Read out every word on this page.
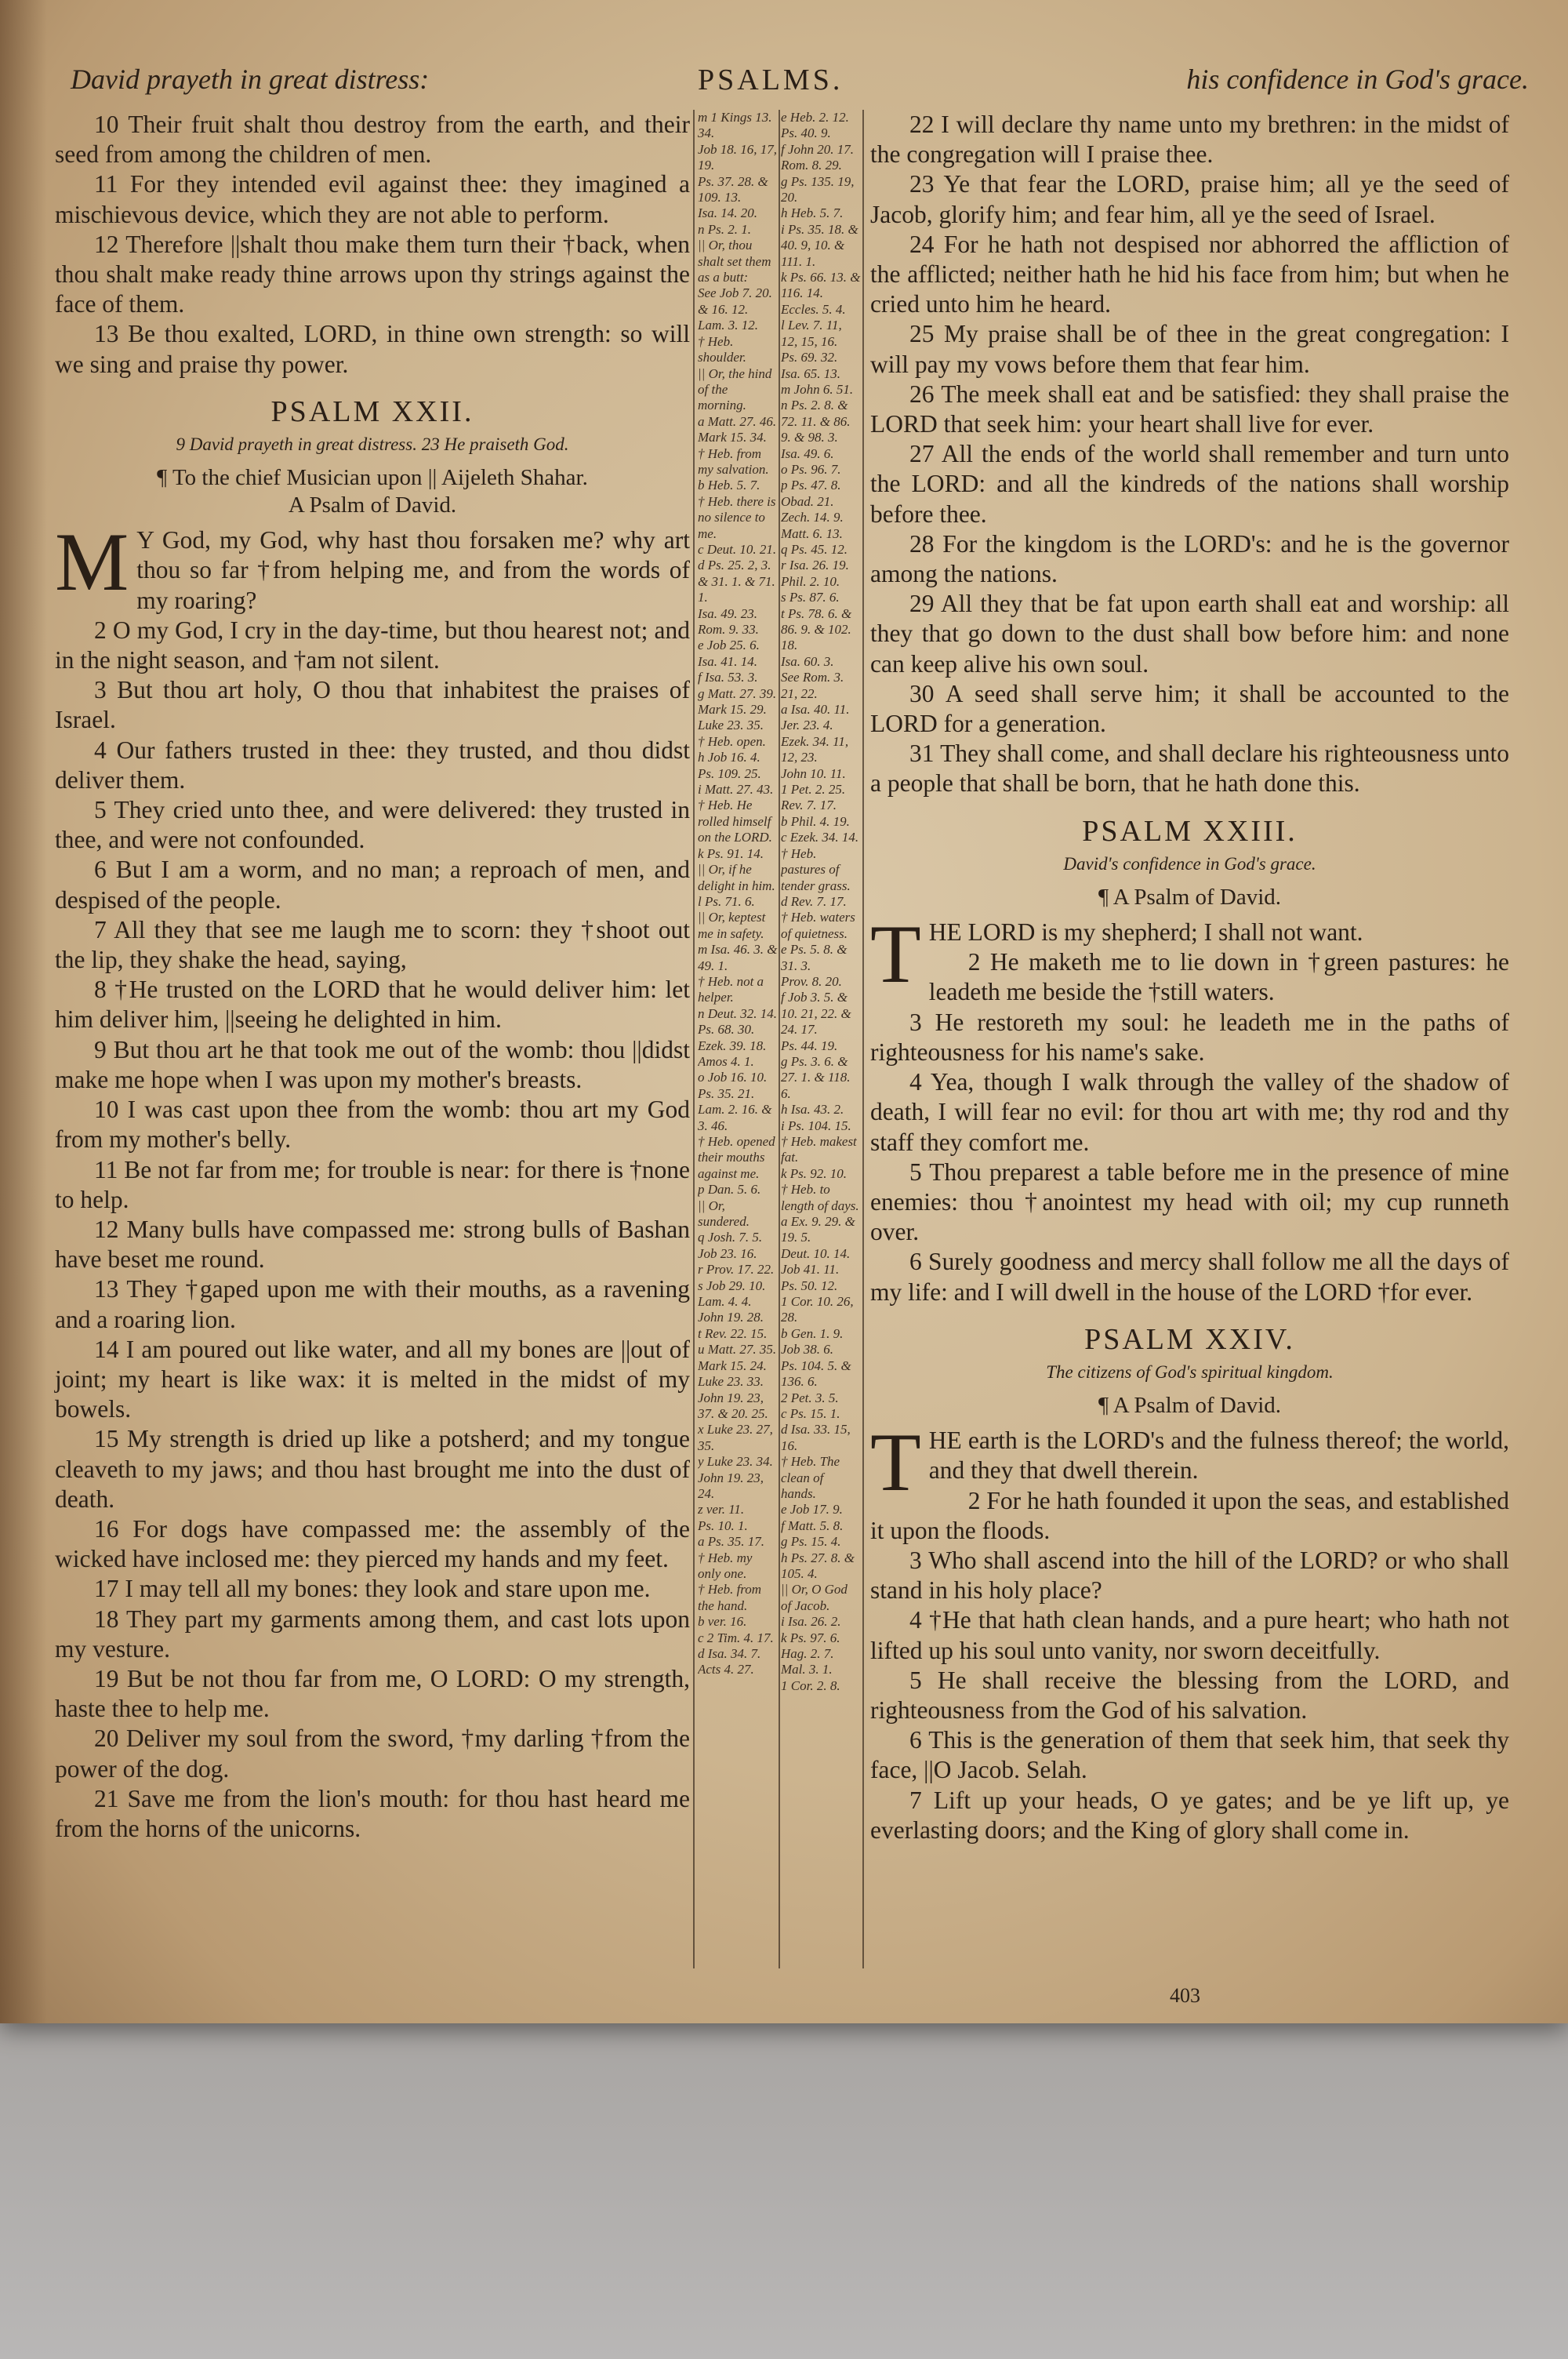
David prayeth in great distress:	PSALMS.	his confidence in God's grace.

10 Their fruit shalt thou destroy from the earth, and their seed from among the children of men.

11 For they intended evil against thee: they imagined a mischievous device, which they are not able to perform.

12 Therefore ||shalt thou make them turn their †back, when thou shalt make ready thine arrows upon thy strings against the face of them.

13 Be thou exalted, LORD, in thine own strength: so will we sing and praise thy power.

PSALM XXII.
9 David prayeth in great distress. 23 He praiseth God.
¶ To the chief Musician upon || Aijeleth Shahar.
A Psalm of David.

M Y God, my God, why hast thou forsaken me? why art thou so far †from helping me, and from the words of my roaring?

2 O my God, I cry in the day-time, but thou hearest not; and in the night season, and †am not silent.

3 But thou art holy, O thou that inhabitest the praises of Israel.

4 Our fathers trusted in thee: they trusted, and thou didst deliver them.

5 They cried unto thee, and were delivered: they trusted in thee, and were not confounded.

6 But I am a worm, and no man; a reproach of men, and despised of the people.

7 All they that see me laugh me to scorn: they †shoot out the lip, they shake the head, saying,

8 †He trusted on the LORD that he would deliver him: let him deliver him, ||seeing he delighted in him.

9 But thou art he that took me out of the womb: thou ||didst make me hope when I was upon my mother's breasts.

10 I was cast upon thee from the womb: thou art my God from my mother's belly.

11 Be not far from me; for trouble is near: for there is †none to help.

12 Many bulls have compassed me: strong bulls of Bashan have beset me round.

13 They †gaped upon me with their mouths, as a ravening and a roaring lion.

14 I am poured out like water, and all my bones are ||out of joint; my heart is like wax: it is melted in the midst of my bowels.

15 My strength is dried up like a potsherd; and my tongue cleaveth to my jaws; and thou hast brought me into the dust of death.

16 For dogs have compassed me: the assembly of the wicked have inclosed me: they pierced my hands and my feet.

17 I may tell all my bones: they look and stare upon me.

18 They part my garments among them, and cast lots upon my vesture.

19 But be not thou far from me, O LORD: O my strength, haste thee to help me.

20 Deliver my soul from the sword, †my darling †from the power of the dog.

21 Save me from the lion's mouth: for thou hast heard me from the horns of the unicorns.

m 1 Kings 13. 34.
Job 18. 16, 17, 19.
Ps. 37. 28. & 109. 13.
Isa. 14. 20.
n Ps. 2. 1.
|| Or, thou shalt set them as a butt:
See Job 7. 20. & 16. 12.
Lam. 3. 12.
† Heb. shoulder.
|| Or, the hind of the morning.
a Matt. 27. 46.
Mark 15. 34.
† Heb. from my salvation.
b Heb. 5. 7.
† Heb. there is no silence to me.
c Deut. 10. 21.
d Ps. 25. 2, 3. & 31. 1. & 71. 1.
Isa. 49. 23.
Rom. 9. 33.
e Job 25. 6.
Isa. 41. 14.
f Isa. 53. 3.
g Matt. 27. 39.
Mark 15. 29.
Luke 23. 35.
† Heb. open.
h Job 16. 4.
Ps. 109. 25.
i Matt. 27. 43.
† Heb. He rolled himself on the LORD.
k Ps. 91. 14.
|| Or, if he delight in him.
l Ps. 71. 6.
|| Or, keptest me in safety.
m Isa. 46. 3. & 49. 1.
† Heb. not a helper.
n Deut. 32. 14.
Ps. 68. 30.
Ezek. 39. 18.
Amos 4. 1.
o Job 16. 10.
Ps. 35. 21.
Lam. 2. 16. & 3. 46.
† Heb. opened their mouths against me.
p Dan. 5. 6.
|| Or, sundered.
q Josh. 7. 5.
Job 23. 16.
r Prov. 17. 22.
s Job 29. 10.
Lam. 4. 4.
John 19. 28.
t Rev. 22. 15.
u Matt. 27. 35.
Mark 15. 24.
Luke 23. 33.
John 19. 23, 37. & 20. 25.
x Luke 23. 27, 35.
y Luke 23. 34.
John 19. 23, 24.
z ver. 11.
Ps. 10. 1.
a Ps. 35. 17.
† Heb. my only one.
† Heb. from the hand.
b ver. 16.
c 2 Tim. 4. 17.
d Isa. 34. 7.
Acts 4. 27.
e Heb. 2. 12.
Ps. 40. 9.
f John 20. 17.
Rom. 8. 29.
g Ps. 135. 19, 20.
h Heb. 5. 7.
i Ps. 35. 18. & 40. 9, 10. & 111. 1.
k Ps. 66. 13. & 116. 14.
Eccles. 5. 4.
l Lev. 7. 11, 12, 15, 16.
Ps. 69. 32.
Isa. 65. 13.
m John 6. 51.
n Ps. 2. 8. & 72. 11. & 86. 9. & 98. 3.
Isa. 49. 6.
o Ps. 96. 7.
p Ps. 47. 8.
Obad. 21.
Zech. 14. 9.
Matt. 6. 13.
q Ps. 45. 12.
r Isa. 26. 19.
Phil. 2. 10.
s Ps. 87. 6.
t Ps. 78. 6. & 86. 9. & 102. 18.
Isa. 60. 3.
See Rom. 3. 21, 22.
a Isa. 40. 11.
Jer. 23. 4.
Ezek. 34. 11, 12, 23.
John 10. 11.
1 Pet. 2. 25.
Rev. 7. 17.
b Phil. 4. 19.
c Ezek. 34. 14.
† Heb. pastures of tender grass.
d Rev. 7. 17.
† Heb. waters of quietness.
e Ps. 5. 8. & 31. 3.
Prov. 8. 20.
f Job 3. 5. & 10. 21, 22. & 24. 17.
Ps. 44. 19.
g Ps. 3. 6. & 27. 1. & 118. 6.
h Isa. 43. 2.
i Ps. 104. 15.
† Heb. makest fat.
k Ps. 92. 10.
† Heb. to length of days.
a Ex. 9. 29. & 19. 5.
Deut. 10. 14.
Job 41. 11.
Ps. 50. 12.
1 Cor. 10. 26, 28.
b Gen. 1. 9.
Job 38. 6.
Ps. 104. 5. & 136. 6.
2 Pet. 3. 5.
c Ps. 15. 1.
d Isa. 33. 15, 16.
† Heb. The clean of hands.
e Job 17. 9.
f Matt. 5. 8.
g Ps. 15. 4.
h Ps. 27. 8. & 105. 4.
|| Or, O God of Jacob.
i Isa. 26. 2.
k Ps. 97. 6.
Hag. 2. 7.
Mal. 3. 1.
1 Cor. 2. 8.

22 I will declare thy name unto my brethren: in the midst of the congregation will I praise thee.

23 Ye that fear the LORD, praise him; all ye the seed of Jacob, glorify him; and fear him, all ye the seed of Israel.

24 For he hath not despised nor abhorred the affliction of the afflicted; neither hath he hid his face from him; but when he cried unto him he heard.

25 My praise shall be of thee in the great congregation: I will pay my vows before them that fear him.

26 The meek shall eat and be satisfied: they shall praise the LORD that seek him: your heart shall live for ever.

27 All the ends of the world shall remember and turn unto the LORD: and all the kindreds of the nations shall worship before thee.

28 For the kingdom is the LORD's: and he is the governor among the nations.

29 All they that be fat upon earth shall eat and worship: all they that go down to the dust shall bow before him: and none can keep alive his own soul.

30 A seed shall serve him; it shall be accounted to the LORD for a generation.

31 They shall come, and shall declare his righteousness unto a people that shall be born, that he hath done this.

PSALM XXIII.
David's confidence in God's grace.
¶ A Psalm of David.

THE LORD is my shepherd; I shall not want.

2 He maketh me to lie down in †green pastures: he leadeth me beside the †still waters.

3 He restoreth my soul: he leadeth me in the paths of righteousness for his name's sake.

4 Yea, though I walk through the valley of the shadow of death, I will fear no evil: for thou art with me; thy rod and thy staff they comfort me.

5 Thou preparest a table before me in the presence of mine enemies: thou †anointest my head with oil; my cup runneth over.

6 Surely goodness and mercy shall follow me all the days of my life: and I will dwell in the house of the LORD †for ever.

PSALM XXIV.
The citizens of God's spiritual kingdom.
¶ A Psalm of David.

THE earth is the LORD's and the fulness thereof; the world, and they that dwell therein.

2 For he hath founded it upon the seas, and established it upon the floods.

3 Who shall ascend into the hill of the LORD? or who shall stand in his holy place?

4 †He that hath clean hands, and a pure heart; who hath not lifted up his soul unto vanity, nor sworn deceitfully.

5 He shall receive the blessing from the LORD, and righteousness from the God of his salvation.

6 This is the generation of them that seek him, that seek thy face, ||O Jacob. Selah.

7 Lift up your heads, O ye gates; and be ye lift up, ye everlasting doors; and the King of glory shall come in.

403
